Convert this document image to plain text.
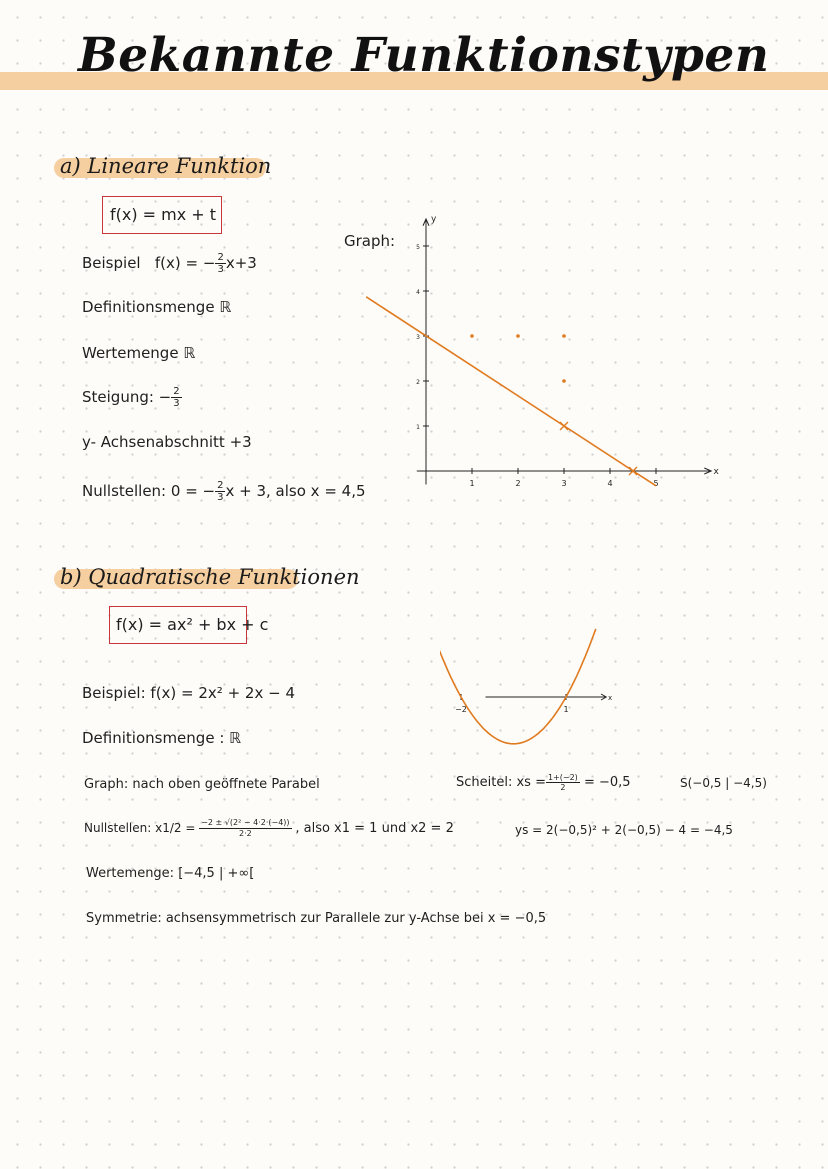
Bekannte Funktionstypen
a) Lineare Funktion
f(x) = mx + t
Beispiel f(x) = − $\frac{2}{3} x+3$
Definitionsmenge ℝ
Wertemenge ℝ
Steigung: − $\frac{2}{3}$
y- Achsenabschnitt +3
Nullstellen: 0 = − $\frac{2}{3}$ x + 3, also x = 4,5
Graph:
y
x
1	2	3	4	5
1
2
3
4
5
b) Quadratische Funktionen
f(x) = ax² + bx + c
x
−2	1
Beispiel: f(x) = 2x² + 2x − 4
Definitionsmenge : ℝ
Graph: nach oben geöffnete Parabel	Scheitel: xs = $\frac{1+(-2)}{2} = -0,5$	S(−0,5 | −4,5)
Nullstellen: $x1/2 = \frac{\text{−2 ± √(2² − 4·2·(−4))}}{2\cdot 2}$ , also x1 = 1 und x2 = 2	ys = 2(−0,5)² + 2(−0,5) − 4 = −4,5
Wertemenge: [−4,5 | +∞[
Symmetrie: achsensymmetrisch zur Parallele zur y-Achse bei x = −0,5
